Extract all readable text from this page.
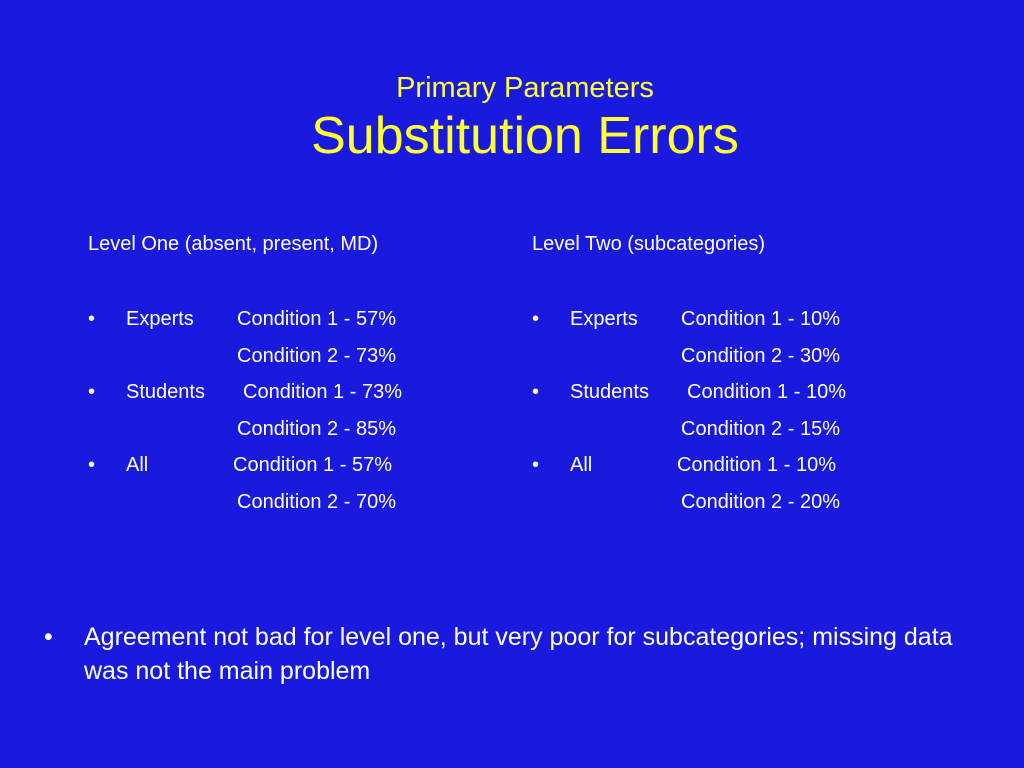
Primary Parameters
Substitution Errors
Level One (absent, present, MD)
• Experts Condition 1 - 57%
Condition 2 - 73%
• Students Condition 1 - 73%
Condition 2 - 85%
• All	Condition 1 - 57%
Condition 2 - 70%
Level Two (subcategories)
• Experts Condition 1 - 10%
Condition 2 - 30%
• Students Condition 1 - 10%
Condition 2 - 15%
• All	Condition 1 - 10%
Condition 2 - 20%
• Agreement not bad for level one, but very poor for subcategories; missing data was not the main problem
